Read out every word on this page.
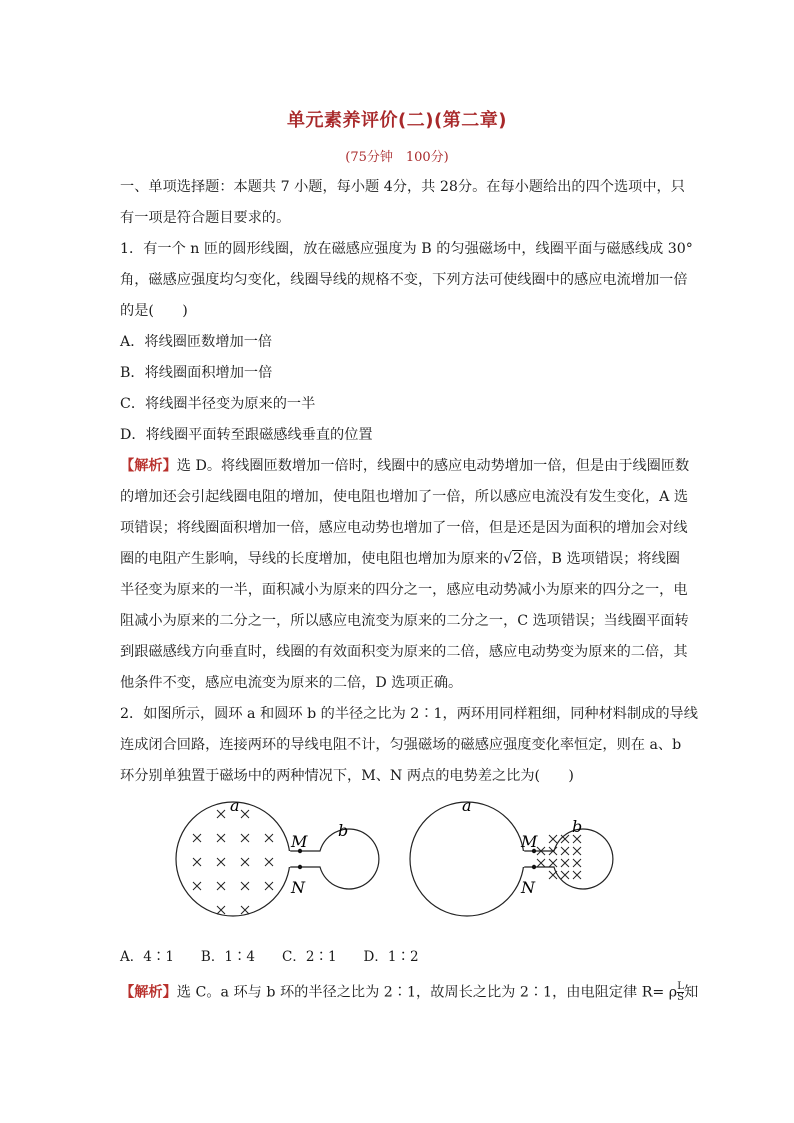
单元素养评价(二)(第二章)
(75分钟　100分)
一、单项选择题：本题共 7 小题，每小题 4分，共 28分。在每小题给出的四个选项中，只
有一项是符合题目要求的。
1．有一个 n 匝的圆形线圈，放在磁感应强度为 B 的匀强磁场中，线圈平面与磁感线成 30°
角，磁感应强度均匀变化，线圈导线的规格不变，下列方法可使线圈中的感应电流增加一倍
的是(　　)
A．将线圈匝数增加一倍
B．将线圈面积增加一倍
C．将线圈半径变为原来的一半
D．将线圈平面转至跟磁感线垂直的位置
【解析】选 D。将线圈匝数增加一倍时，线圈中的感应电动势增加一倍，但是由于线圈匝数
的增加还会引起线圈电阻的增加，使电阻也增加了一倍，所以感应电流没有发生变化，A 选
项错误；将线圈面积增加一倍，感应电动势也增加了一倍，但是还是因为面积的增加会对线
圈的电阻产生影响，导线的长度增加，使电阻也增加为原来的√2倍，B 选项错误；将线圈
半径变为原来的一半，面积减小为原来的四分之一，感应电动势减小为原来的四分之一，电
阻减小为原来的二分之一，所以感应电流变为原来的二分之一，C 选项错误；当线圈平面转
到跟磁感线方向垂直时，线圈的有效面积变为原来的二倍，感应电动势变为原来的二倍，其
他条件不变，感应电流变为原来的二倍，D 选项正确。
2．如图所示，圆环 a 和圆环 b 的半径之比为 2∶1，两环用同样粗细，同种材料制成的导线
连成闭合回路，连接两环的导线电阻不计，匀强磁场的磁感应强度变化率恒定，则在 a、b
环分别单独置于磁场中的两种情况下，M、N 两点的电势差之比为(　　)
a
b
M
N
a
b
M
N
A．4∶1　　B．1∶4　　C．2∶1　　D．1∶2
【解析】选 C。a 环与 b 环的半径之比为 2∶1，故周长之比为 2∶1，由电阻定律 R= ρ $\frac{L}{S}$ 知
